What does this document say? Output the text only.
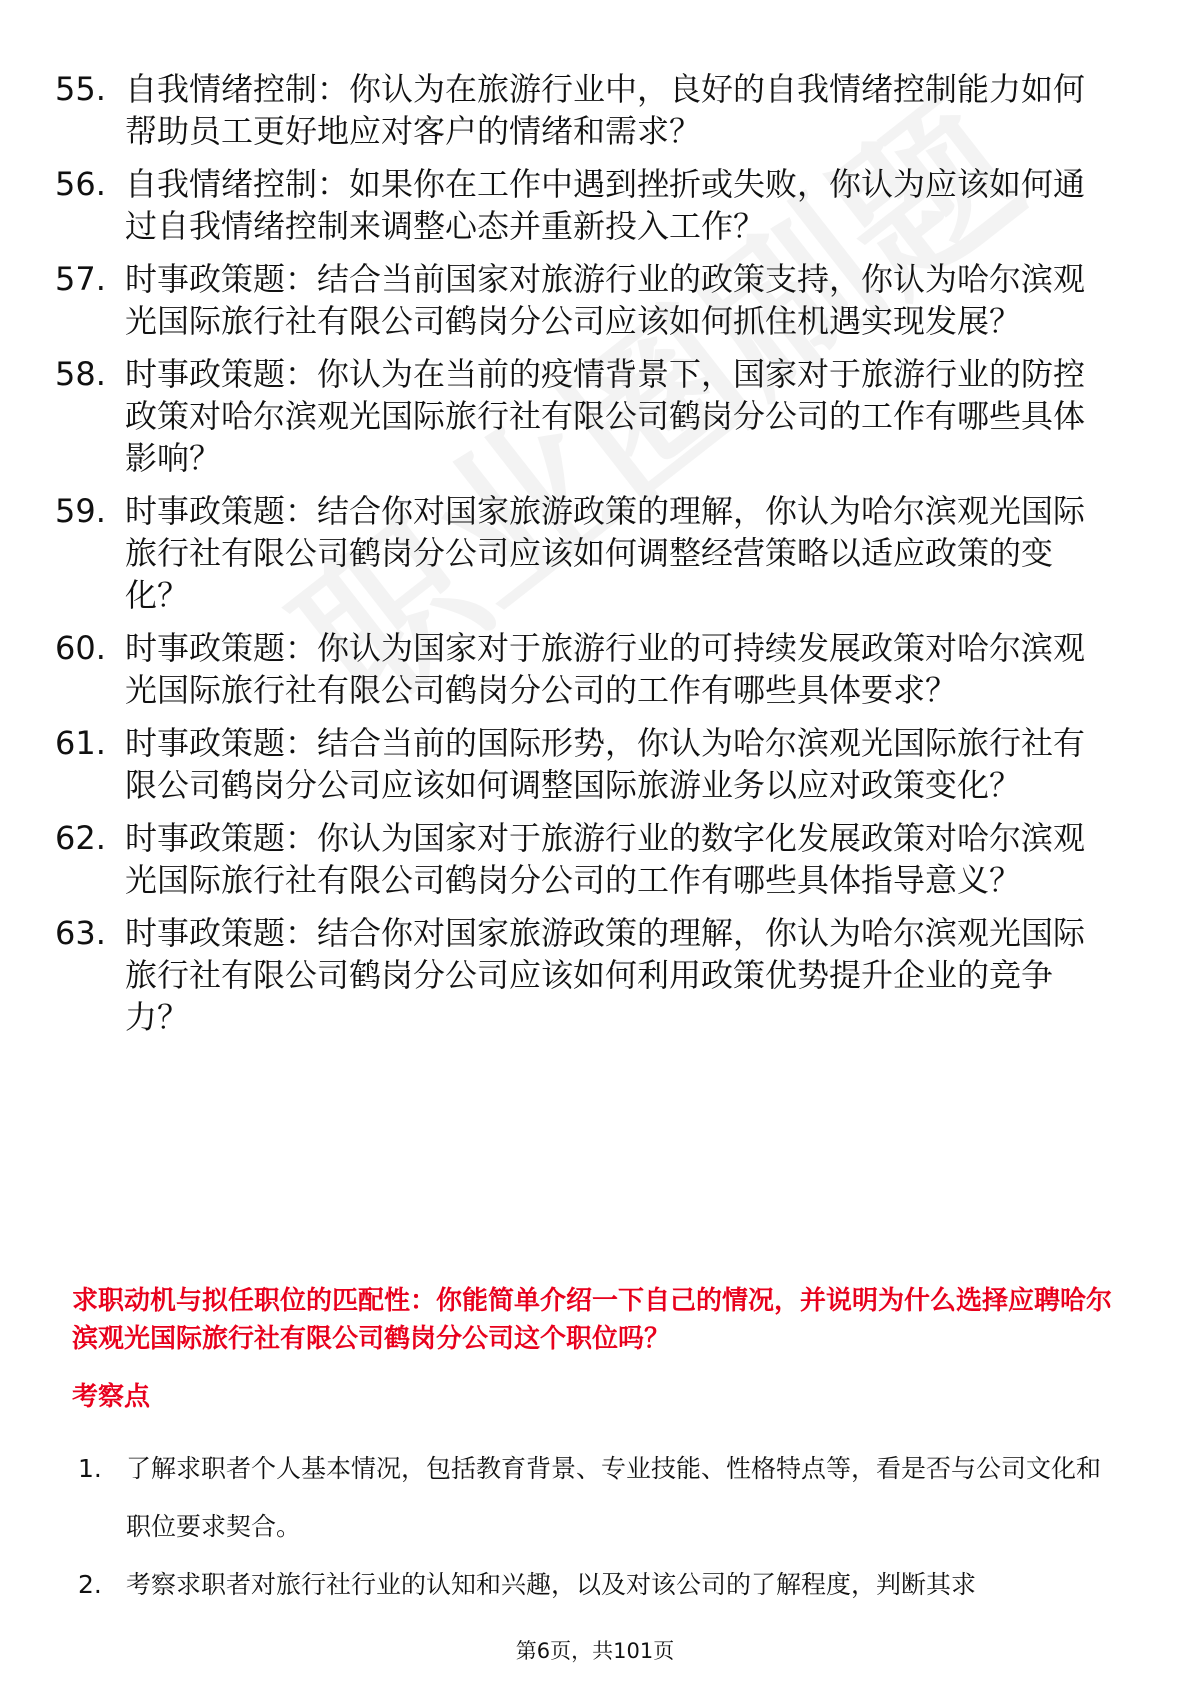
55. 自我情绪控制：你认为在旅游行业中，良好的自我情绪控制能力如何帮助员工更好地应对客户的情绪和需求？
56. 自我情绪控制：如果你在工作中遇到挫折或失败，你认为应该如何通过自我情绪控制来调整心态并重新投入工作？
57. 时事政策题：结合当前国家对旅游行业的政策支持，你认为哈尔滨观光国际旅行社有限公司鹤岗分公司应该如何抓住机遇实现发展？
58. 时事政策题：你认为在当前的疫情背景下，国家对于旅游行业的防控政策对哈尔滨观光国际旅行社有限公司鹤岗分公司的工作有哪些具体影响？
59. 时事政策题：结合你对国家旅游政策的理解，你认为哈尔滨观光国际旅行社有限公司鹤岗分公司应该如何调整经营策略以适应政策的变化？
60. 时事政策题：你认为国家对于旅游行业的可持续发展政策对哈尔滨观光国际旅行社有限公司鹤岗分公司的工作有哪些具体要求？
61. 时事政策题：结合当前的国际形势，你认为哈尔滨观光国际旅行社有限公司鹤岗分公司应该如何调整国际旅游业务以应对政策变化？
62. 时事政策题：你认为国家对于旅游行业的数字化发展政策对哈尔滨观光国际旅行社有限公司鹤岗分公司的工作有哪些具体指导意义？
63. 时事政策题：结合你对国家旅游政策的理解，你认为哈尔滨观光国际旅行社有限公司鹤岗分公司应该如何利用政策优势提升企业的竞争力？
求职动机与拟任职位的匹配性：你能简单介绍一下自己的情况，并说明为什么选择应聘哈尔滨观光国际旅行社有限公司鹤岗分公司这个职位吗？
考察点
1. 了解求职者个人基本情况，包括教育背景、专业技能、性格特点等，看是否与公司文化和职位要求契合。
2. 考察求职者对旅行社行业的认知和兴趣，以及对该公司的了解程度，判断其求
第6页，共101页
